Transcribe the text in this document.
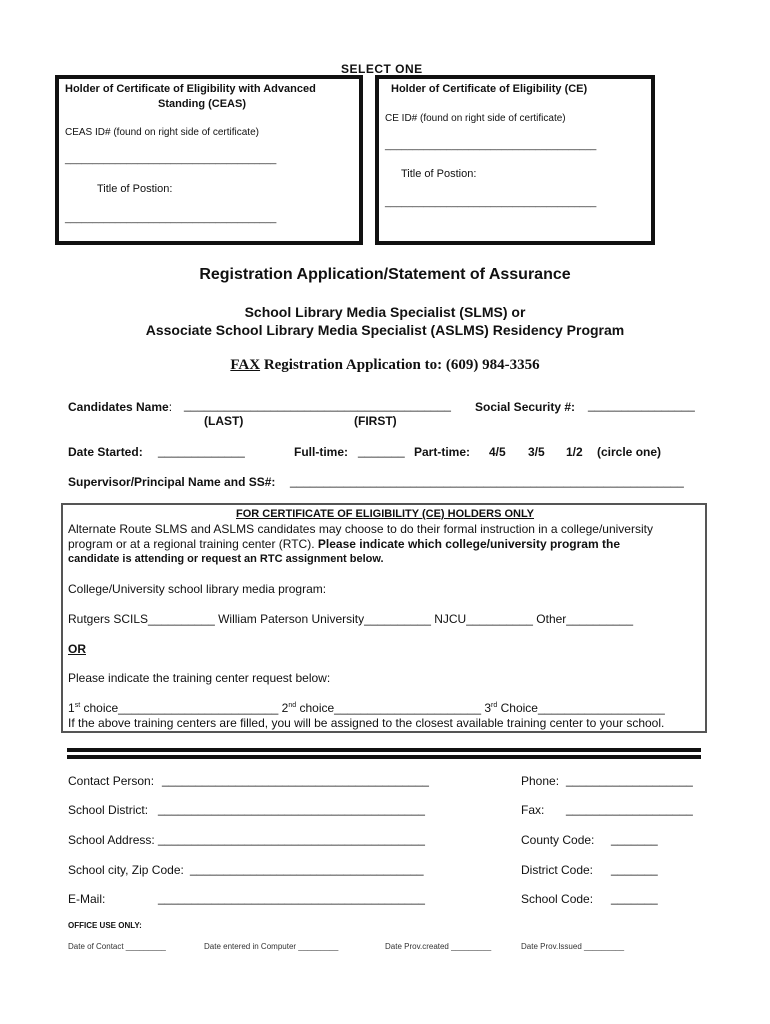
SELECT ONE
Holder of Certificate of Eligibility with Advanced
Standing (CEAS)
CEAS ID# (found on right side of certificate)
______________________________________
Title of Postion:
______________________________________
Holder of Certificate of Eligibility (CE)
CE ID# (found on right side of certificate)
______________________________________
Title of Postion:
______________________________________
Registration Application/Statement of Assurance
School Library Media Specialist (SLMS) or
Associate School Library Media Specialist (ASLMS) Residency Program
FAX Registration Application to: (609) 984-3356
Candidates Name: ________________________________________
(LAST)	(FIRST)
Social Security #: ________________
Date Started: _____________	Full-time: _______ Part-time: 4/5 3/5 1/2 (circle one)
Supervisor/Principal Name and SS#: ___________________________________________________________
FOR CERTIFICATE OF ELIGIBILITY (CE) HOLDERS ONLY
Alternate Route SLMS and ASLMS candidates may choose to do their formal instruction in a college/university
program or at a regional training center (RTC). Please indicate which college/university program the
candidate is attending or request an RTC assignment below.
College/University school library media program:
Rutgers SCILS__________ William Paterson University__________ NJCU__________ Other__________
OR
Please indicate the training center request below:
1st choice________________________ 2nd choice______________________ 3rd Choice___________________
If the above training centers are filled, you will be assigned to the closest available training center to your school.
Contact Person: ________________________________________	Phone: ___________________
School District: ________________________________________	Fax: ___________________
School Address: ________________________________________	County Code: _______
School city, Zip Code: ___________________________________	District Code: _______
E-Mail:	________________________________________	School Code: _______
OFFICE USE ONLY:
Date of Contact _________	Date entered in Computer _________	Date Prov.created _________	Date Prov.Issued _________
